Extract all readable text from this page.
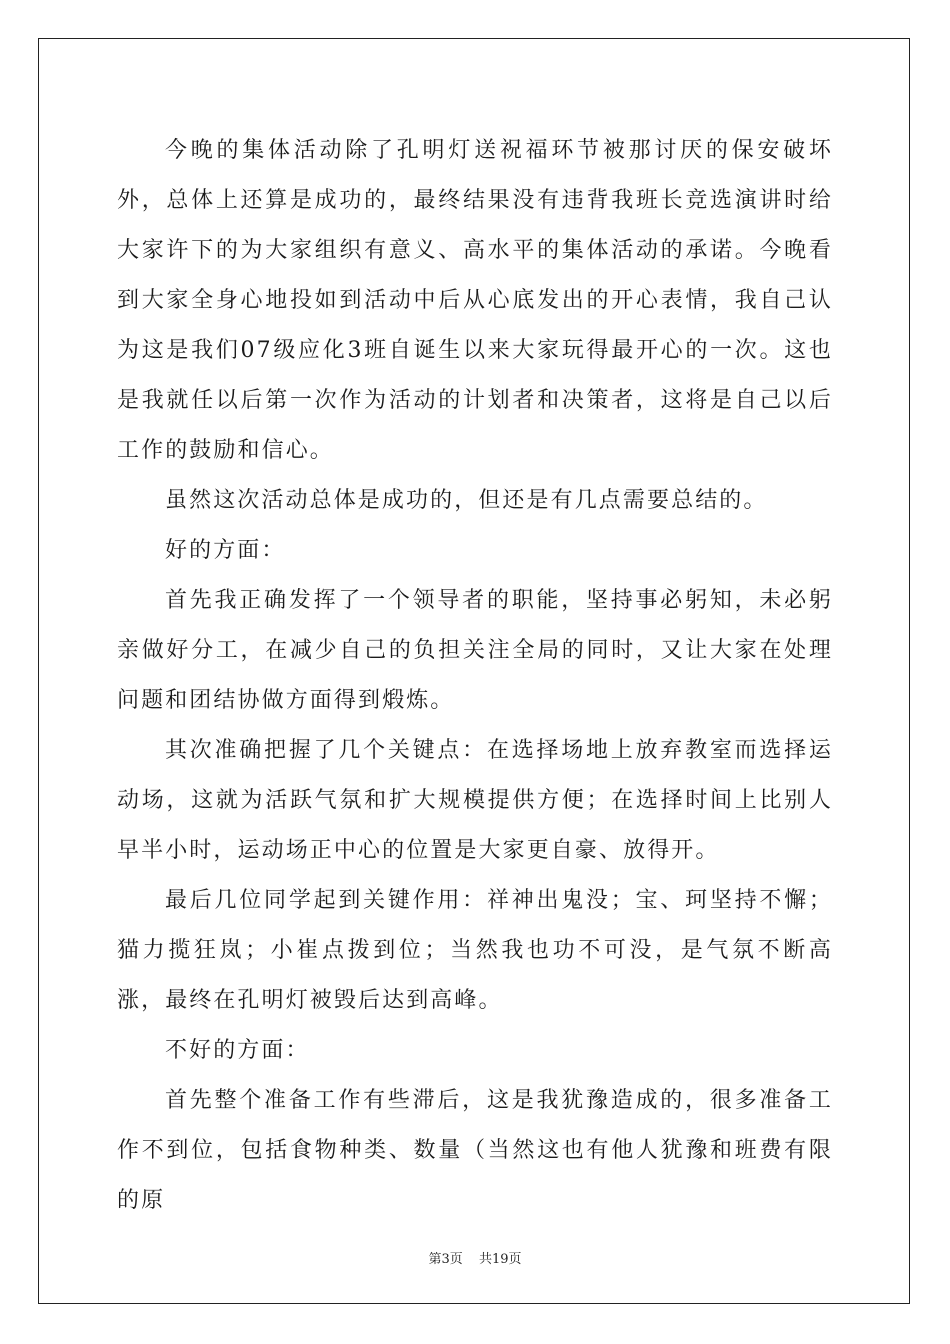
今晚的集体活动除了孔明灯送祝福环节被那讨厌的保安破坏外，总体上还算是成功的，最终结果没有违背我班长竞选演讲时给大家许下的为大家组织有意义、高水平的集体活动的承诺。今晚看到大家全身心地投如到活动中后从心底发出的开心表情，我自己认为这是我们07级应化3班自诞生以来大家玩得最开心的一次。这也是我就任以后第一次作为活动的计划者和决策者，这将是自己以后工作的鼓励和信心。

虽然这次活动总体是成功的，但还是有几点需要总结的。

好的方面：

首先我正确发挥了一个领导者的职能，坚持事必躬知，未必躬亲做好分工，在减少自己的负担关注全局的同时，又让大家在处理问题和团结协做方面得到煅炼。

其次准确把握了几个关键点：在选择场地上放弃教室而选择运动场，这就为活跃气氛和扩大规模提供方便；在选择时间上比别人早半小时，运动场正中心的位置是大家更自豪、放得开。

最后几位同学起到关键作用：祥神出鬼没；宝、珂坚持不懈；猫力揽狂岚；小崔点拨到位；当然我也功不可没，是气氛不断高涨，最终在孔明灯被毁后达到高峰。

不好的方面：

首先整个准备工作有些滞后，这是我犹豫造成的，很多准备工作不到位，包括食物种类、数量（当然这也有他人犹豫和班费有限的原

第3页 共19页
